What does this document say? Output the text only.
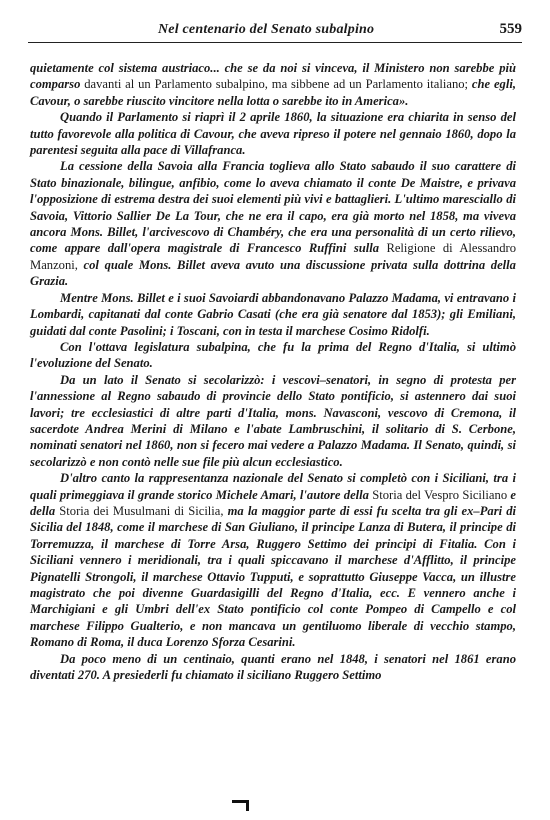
Nel centenario del Senato subalpino	559

quietamente col sistema austriaco... che se da noi si vinceva, il Ministero non sarebbe più comparso davanti al un Parlamento subalpino, ma sibbene ad un Parlamento italiano; che egli, Cavour, o sarebbe riuscito vincitore nella lotta o sarebbe ito in America».

Quando il Parlamento si riaprì il 2 aprile 1860, la situazione era chiarita in senso del tutto favorevole alla politica di Cavour, che aveva ripreso il potere nel gennaio 1860, dopo la parentesi seguita alla pace di Villafranca.

La cessione della Savoia alla Francia toglieva allo Stato sabaudo il suo carattere di Stato binazionale, bilingue, anfibio, come lo aveva chiamato il conte De Maistre, e privava l'opposizione di estrema destra dei suoi elementi più vivi e battaglieri. L'ultimo maresciallo di Savoia, Vittorio Sallier De La Tour, che ne era il capo, era già morto nel 1858, ma viveva ancora Mons. Billet, l'arcivescovo di Chambéry, che era una personalità di un certo rilievo, come appare dall'opera magistrale di Francesco Ruffini sulla Religione di Alessandro Manzoni, col quale Mons. Billet aveva avuto una discussione privata sulla dottrina della Grazia.

Mentre Mons. Billet e i suoi Savoiardi abbandonavano Palazzo Madama, vi entravano i Lombardi, capitanati dal conte Gabrio Casati (che era già senatore dal 1853); gli Emiliani, guidati dal conte Pasolini; i Toscani, con in testa il marchese Cosimo Ridolfi.

Con l'ottava legislatura subalpina, che fu la prima del Regno d'Italia, si ultimò l'evoluzione del Senato.

Da un lato il Senato si secolarizzò: i vescovi–senatori, in segno di protesta per l'annessione al Regno sabaudo di provincie dello Stato pontificio, si astennero dai suoi lavori; tre ecclesiastici di altre parti d'Italia, mons. Navasconi, vescovo di Cremona, il sacerdote Andrea Merini di Milano e l'abate Lambruschini, il solitario di S. Cerbone, nominati senatori nel 1860, non si fecero mai vedere a Palazzo Madama. Il Senato, quindi, si secolarizzò e non contò nelle sue file più alcun ecclesiastico.

D'altro canto la rappresentanza nazionale del Senato si completò con i Siciliani, tra i quali primeggiava il grande storico Michele Amari, l'autore della Storia del Vespro Siciliano e della Storia dei Musulmani di Sicilia, ma la maggior parte di essi fu scelta tra gli ex–Pari di Sicilia del 1848, come il marchese di San Giuliano, il principe Lanza di Butera, il principe di Torremuzza, il marchese di Torre Arsa, Ruggero Settimo dei principi di Fitalia. Con i Siciliani vennero i meridionali, tra i quali spiccavano il marchese d'Afflitto, il principe Pignatelli Strongoli, il marchese Ottavio Tupputi, e soprattutto Giuseppe Vacca, un illustre magistrato che poi divenne Guardasigilli del Regno d'Italia, ecc. E vennero anche i Marchigiani e gli Umbri dell'ex Stato pontificio col conte Pompeo di Campello e col marchese Filippo Gualterio, e non mancava un gentiluomo liberale di vecchio stampo, Romano di Roma, il duca Lorenzo Sforza Cesarini.

Da poco meno di un centinaio, quanti erano nel 1848, i senatori nel 1861 erano diventati 270. A presiederli fu chiamato il siciliano Ruggero Settimo
